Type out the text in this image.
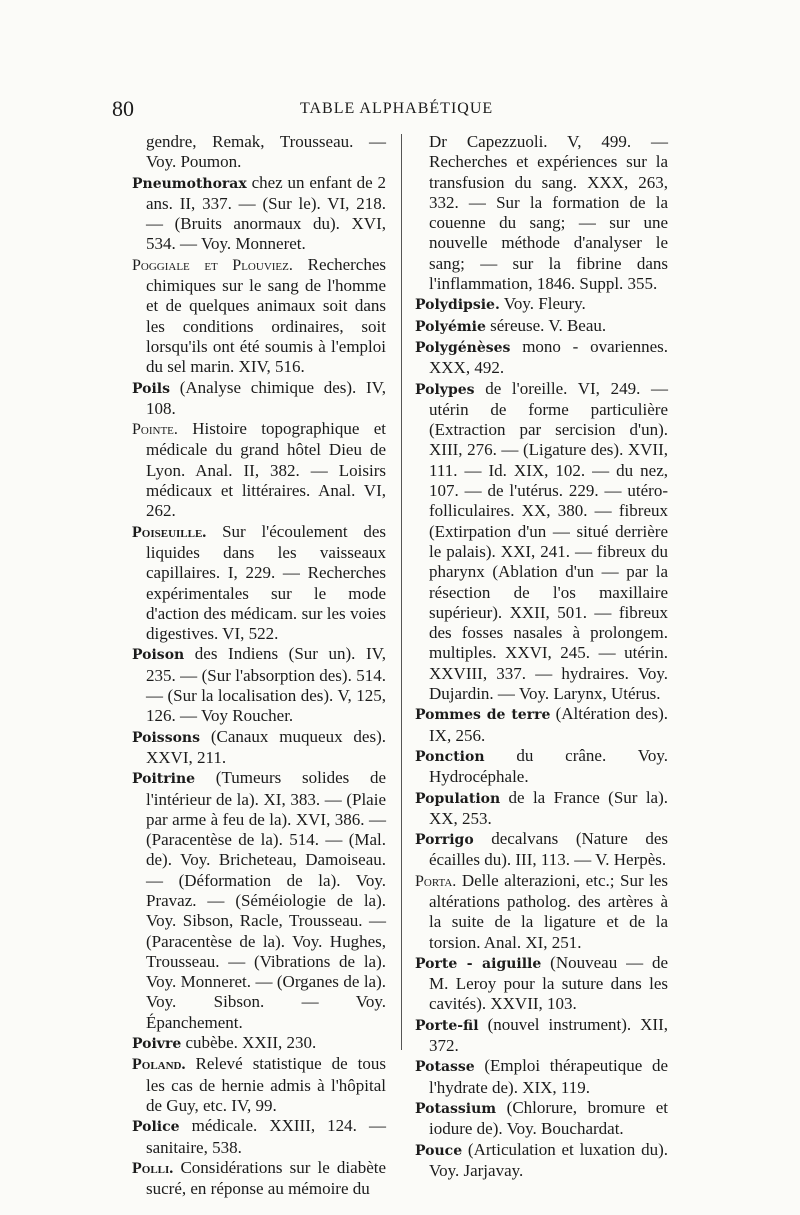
80	TABLE ALPHABÉTIQUE

gendre, Remak, Trousseau. — Voy. Poumon.

Pneumothorax chez un enfant de 2 ans. II, 337. — (Sur le). VI, 218. — (Bruits anormaux du). XVI, 534. — Voy. Monneret.

Poggiale et Plouviez. Recherches chimiques sur le sang de l'homme et de quelques animaux soit dans les conditions ordinaires, soit lorsqu'ils ont été soumis à l'emploi du sel marin. XIV, 516.

Poils (Analyse chimique des). IV, 108.

Pointe. Histoire topographique et médicale du grand hôtel Dieu de Lyon. Anal. II, 382. — Loisirs médicaux et littéraires. Anal. VI, 262.

Poiseuille. Sur l'écoulement des liquides dans les vaisseaux capillaires. I, 229. — Recherches expérimentales sur le mode d'action des médicam. sur les voies digestives. VI, 522.

Poison des Indiens (Sur un). IV, 235. — (Sur l'absorption des). 514. — (Sur la localisation des). V, 125, 126. — Voy Roucher.

Poissons (Canaux muqueux des). XXVI, 211.

Poitrine (Tumeurs solides de l'intérieur de la). XI, 383. — (Plaie par arme à feu de la). XVI, 386. — (Paracentèse de la). 514. — (Mal. de). Voy. Bricheteau, Damoiseau. — (Déformation de la). Voy. Pravaz. — (Séméiologie de la). Voy. Sibson, Racle, Trousseau. — (Paracentèse de la). Voy. Hughes, Trousseau. — (Vibrations de la). Voy. Monneret. — (Organes de la). Voy. Sibson. — Voy. Épanchement.

Poivre cubèbe. XXII, 230.

Poland. Relevé statistique de tous les cas de hernie admis à l'hôpital de Guy, etc. IV, 99.

Police médicale. XXIII, 124. — sanitaire, 538.

Polli. Considérations sur le diabète sucré, en réponse au mémoire du

Dr Capezzuoli. V, 499. — Recherches et expériences sur la transfusion du sang. XXX, 263, 332. — Sur la formation de la couenne du sang; — sur une nouvelle méthode d'analyser le sang; — sur la fibrine dans l'inflammation, 1846. Suppl. 355.

Polydipsie. Voy. Fleury.

Polyémie séreuse. V. Beau.

Polygénèses mono - ovariennes. XXX, 492.

Polypes de l'oreille. VI, 249. — utérin de forme particulière (Extraction par sercision d'un). XIII, 276. — (Ligature des). XVII, 111. — Id. XIX, 102. — du nez, 107. — de l'utérus. 229. — utéro-folliculaires. XX, 380. — fibreux (Extirpation d'un — situé derrière le palais). XXI, 241. — fibreux du pharynx (Ablation d'un — par la résection de l'os maxillaire supérieur). XXII, 501. — fibreux des fosses nasales à prolongem. multiples. XXVI, 245. — utérin. XXVIII, 337. — hydraires. Voy. Dujardin. — Voy. Larynx, Utérus.

Pommes de terre (Altération des). IX, 256.

Ponction du crâne. Voy. Hydrocéphale.

Population de la France (Sur la). XX, 253.

Porrigo decalvans (Nature des écailles du). III, 113. — V. Herpès.

Porta. Delle alterazioni, etc.; Sur les altérations patholog. des artères à la suite de la ligature et de la torsion. Anal. XI, 251.

Porte - aiguille (Nouveau — de M. Leroy pour la suture dans les cavités). XXVII, 103.

Porte-fil (nouvel instrument). XII, 372.

Potasse (Emploi thérapeutique de l'hydrate de). XIX, 119.

Potassium (Chlorure, bromure et iodure de). Voy. Bouchardat.

Pouce (Articulation et luxation du). Voy. Jarjavay.
